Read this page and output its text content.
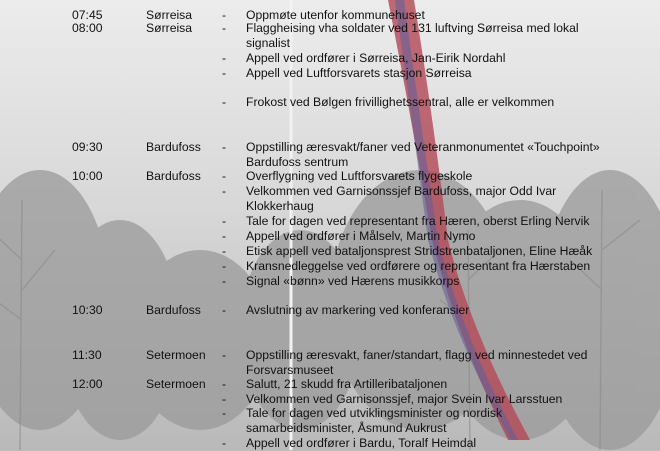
07:45	Sørreisa - Oppmøte utenfor kommunehuset
08:00	Sørreisa - Flaggheising vha soldater ved 131 luftving Sørreisa med lokal
signalist
- Appell ved ordfører i Sørreisa, Jan-Eirik Nordahl
- Appell ved Luftforsvarets stasjon Sørreisa
- Frokost ved Bølgen frivillighetssentral, alle er velkommen
09:30	Bardufoss - Oppstilling æresvakt/faner ved Veteranmonumentet «Touchpoint»
Bardufoss sentrum
10:00	Bardufoss - Overflygning ved Luftforsvarets flygeskole
- Velkommen ved Garnisonssjef Bardufoss, major Odd Ivar
Klokkerhaug
- Tale for dagen ved representant fra Hæren, oberst Erling Nervik
- Appell ved ordfører i Målselv, Martin Nymo
- Etisk appell ved bataljonsprest Stridstrenbataljonen, Eline Hæåk
- Kransnedleggelse ved ordførere og representant fra Hærstaben
- Signal «bønn» ved Hærens musikkorps
10:30	Bardufoss - Avslutning av markering ved konferansier
11:30	Setermoen - Oppstilling æresvakt, faner/standart, flagg ved minnestedet ved
Forsvarsmuseet
12:00	Setermoen - Salutt, 21 skudd fra Artilleribataljonen
- Velkommen ved Garnisonssjef, major Svein Ivar Larsstuen
- Tale for dagen ved utviklingsminister og nordisk
samarbeidsminister, Åsmund Aukrust
- Appell ved ordfører i Bardu, Toralf Heimdal
